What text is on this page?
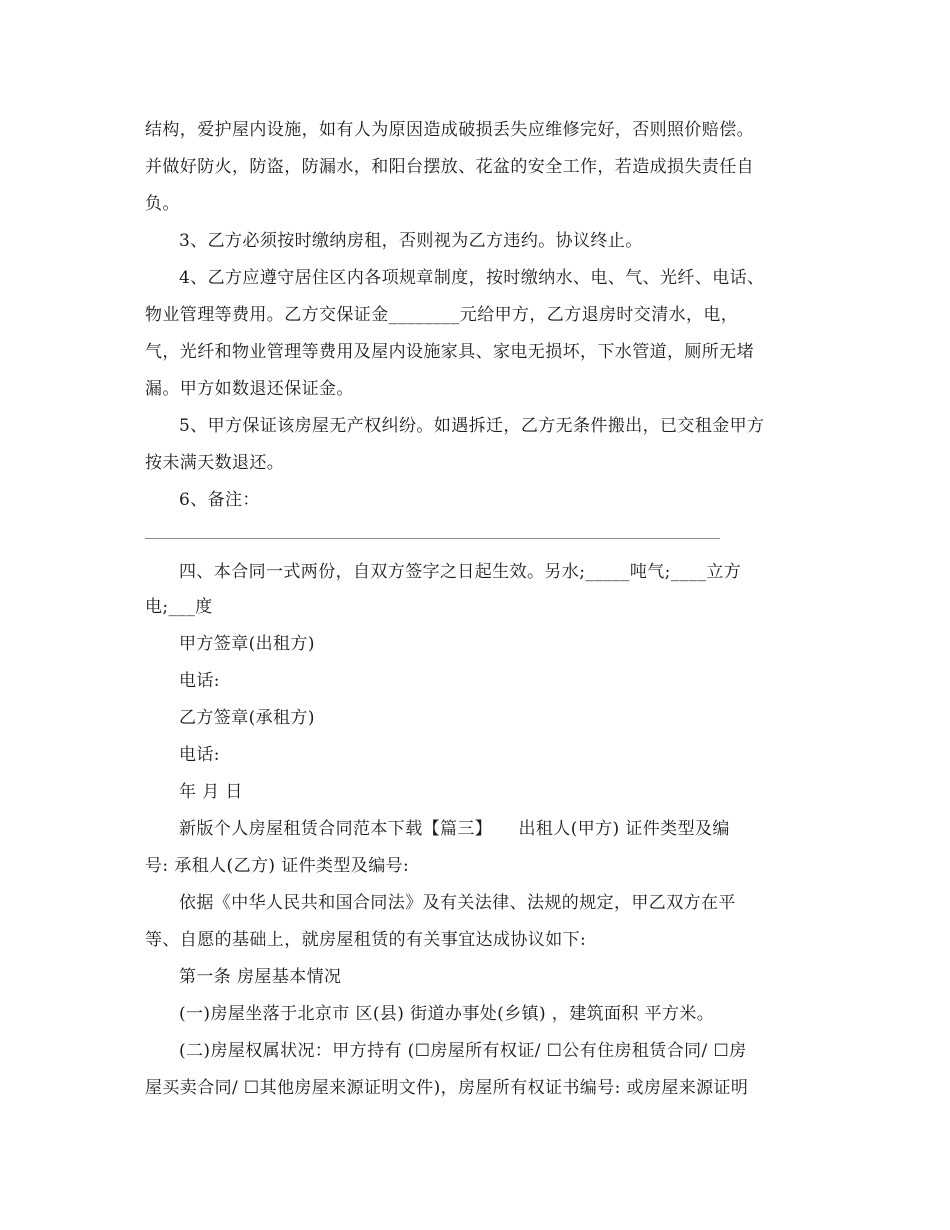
结构，爱护屋内设施，如有人为原因造成破损丢失应维修完好，否则照价赔偿。
并做好防火，防盗，防漏水，和阳台摆放、花盆的安全工作，若造成损失责任自
负。
3、乙方必须按时缴纳房租，否则视为乙方违约。协议终止。
4、乙方应遵守居住区内各项规章制度，按时缴纳水、电、气、光纤、电话、
物业管理等费用。乙方交保证金________元给甲方，乙方退房时交清水，电，
气，光纤和物业管理等费用及屋内设施家具、家电无损坏，下水管道，厕所无堵
漏。甲方如数退还保证金。
5、甲方保证该房屋无产权纠纷。如遇拆迁，乙方无条件搬出，已交租金甲方
按未满天数退还。
6、备注：
四、本合同一式两份，自双方签字之日起生效。另水;_____吨气;____立方
电;___度
甲方签章(出租方)
电话:
乙方签章(承租方)
电话:
年 月 日
新版个人房屋租赁合同范本下载【篇三】　　出租人(甲方) 证件类型及编
号: 承租人(乙方) 证件类型及编号:
依据《中华人民共和国合同法》及有关法律、法规的规定，甲乙双方在平
等、自愿的基础上，就房屋租赁的有关事宜达成协议如下:
第一条 房屋基本情况
(一)房屋坐落于北京市 区(县) 街道办事处(乡镇) ，建筑面积 平方米。
(二)房屋权属状况：甲方持有 (☐房屋所有权证/ ☐公有住房租赁合同/ ☐房
屋买卖合同/ ☐其他房屋来源证明文件)，房屋所有权证书编号: 或房屋来源证明
